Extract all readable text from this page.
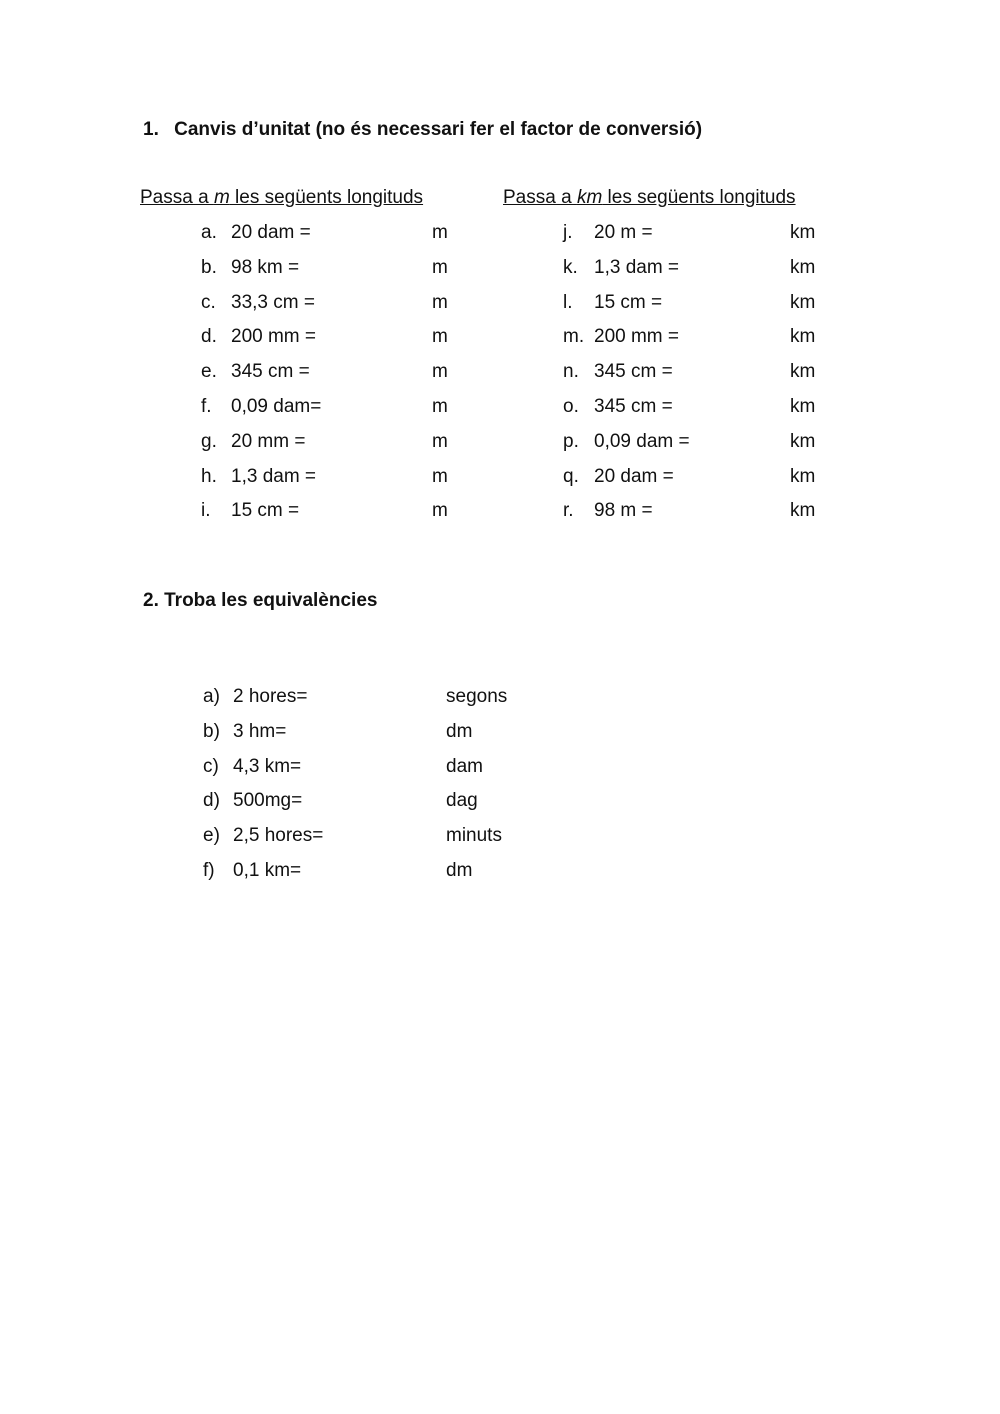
1. Canvis d’unitat (no és necessari fer el factor de conversió)
Passa a m les següents longituds	Passa a km les següents longituds
a. 20 dam =	m
b. 98 km =	m
c. 33,3 cm =	m
d. 200 mm =	m
e. 345 cm =	m
f. 0,09 dam=	m
g. 20 mm =	m
h. 1,3 dam =	m
i. 15 cm =	m
j. 20 m =	km
k. 1,3 dam =	km
l. 15 cm =	km
m. 200 mm =	km
n. 345 cm =	km
o. 345 cm =	km
p. 0,09 dam =	km
q. 20 dam =	km
r. 98 m =	km
2. Troba les equivalències
a) 2 hores=	segons
b) 3 hm=	dm
c) 4,3 km=	dam
d) 500mg=	dag
e) 2,5 hores=	minuts
f) 0,1 km=	dm
